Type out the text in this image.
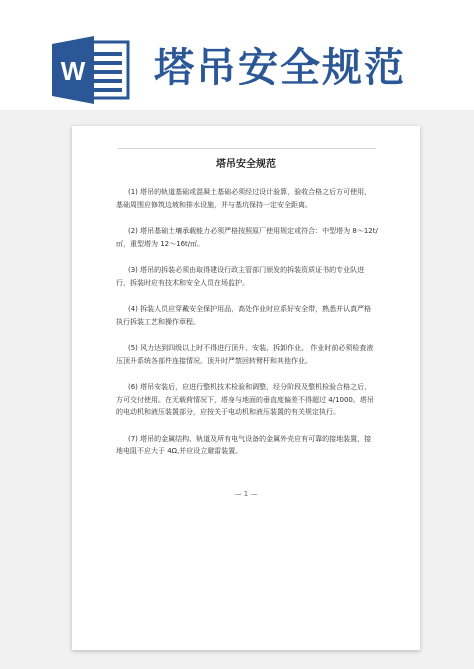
W 塔吊安全规范
塔吊安全规范

(1) 塔吊的轨道基础或混凝土基础必须经过设计验算，验收合格之后方可使用，基础周围应修筑边坡和排水设施，并与基坑保持一定安全距离。

(2) 塔吊基础土壤承载能力必须严格按照原厂使用规定或符合：中型塔为 8～12t/㎡，重型塔为 12～16t/㎡。

(3) 塔吊的拆装必须由取得建设行政主管部门颁发的拆装资质证书的专业队进行，拆装时应有技术和安全人员在场监护。

(4) 拆装人员应穿戴安全保护用品，高处作业时应系好安全带，熟悉并认真严格执行拆装工艺和操作章程。

(5) 风力达到四级以上时不得进行顶升、安装、拆卸作业。 作业时前必须检查液压顶升系统各部件连接情况。顶升时严禁回转臂杆和其他作业。

(6) 塔吊安装后，应进行整机技术检验和调整，经分阶段及整机检验合格之后，方可交付使用。在无载荷情况下，塔身与地面的垂直度偏差不得超过 4/1000。塔吊的电动机和液压装置部分，应按关于电动机和液压装置的有关规定执行。

(7) 塔吊的金属结构、轨道及所有电气设备的金属外壳应有可靠的接地装置，接地电阻不应大于 4Ω,并应设立避雷装置。

— 1 —
